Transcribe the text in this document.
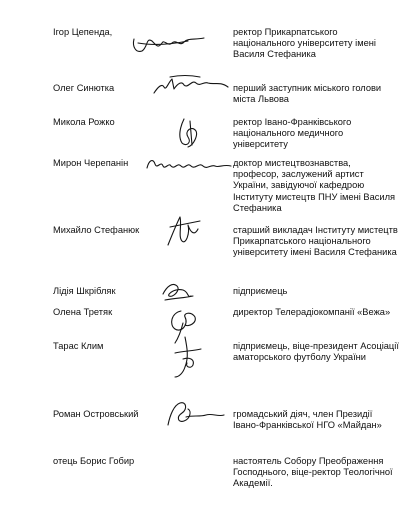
Ігор Цепенда,	ректор Прикарпатського національного університету імені Василя Стефаника
Олег Синютка	перший заступник міського голови міста Львова
Микола Рожко	ректор Івано-Франківського національного медичного університету
Мирон Черепанін	доктор мистецтвознавства, професор, заслужений артист України, завідуючої кафедрою Інституту мистецтв ПНУ імені Василя Стефаника
Михайло Стефанюк	старший викладач Інституту мистецтв Прикарпатського національного університету імені Василя Стефаника
Лідія Шкрібляк	підприємець
Олена Третяк	директор Телерадіокомпанії «Вежа»
Тарас Клим	підприємець, віце-президент Асоціації аматорського футболу України
Роман Островський	громадський діяч, член Президії Івано-Франківської НГО «Майдан»
отець Борис Гобир	настоятель Собору Преображення Господнього, віце-ректор Теологічної Академії.
